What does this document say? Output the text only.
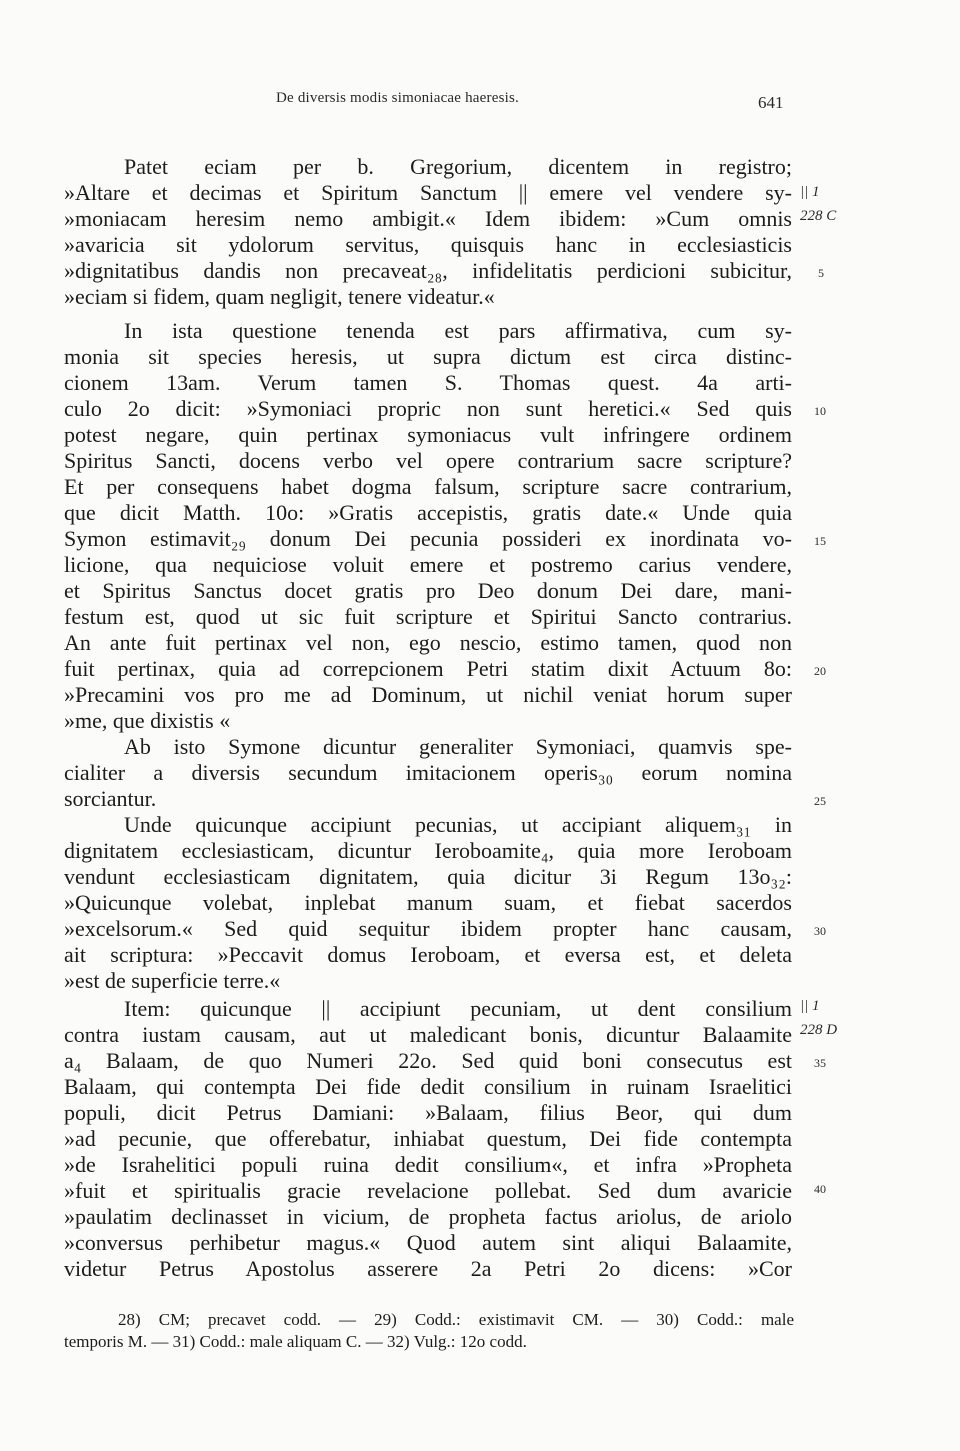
De diversis modis simoniacae haeresis.	641
Patet eciam per b. Gregorium, dicentem in registro;
»Altare et decimas et Spiritum Sanctum || emere vel vendere sy-
»moniacam heresim nemo ambigit.« Idem ibidem: »Cum omnis
»avaricia sit ydolorum servitus, quisquis hanc in ecclesiasticis
»dignitatibus dandis non precaveat₂₈, infidelitatis perdicioni subicitur,
»eciam si fidem, quam negligit, tenere videatur.«
In ista questione tenenda est pars affirmativa, cum sy-
monia sit species heresis, ut supra dictum est circa distinc-
cionem 13am. Verum tamen S. Thomas quest. 4a arti-
culo 2o dicit: »Symoniaci propric non sunt heretici.« Sed quis
potest negare, quin pertinax symoniacus vult infringere ordinem
Spiritus Sancti, docens verbo vel opere contrarium sacre scripture?
Et per consequens habet dogma falsum, scripture sacre contrarium,
que dicit Matth. 10o: »Gratis accepistis, gratis date.« Unde quia
Symon estimavit₂₉ donum Dei pecunia possideri ex inordinata vo-
licione, qua nequiciose voluit emere et postremo carius vendere,
et Spiritus Sanctus docet gratis pro Deo donum Dei dare, mani-
festum est, quod ut sic fuit scripture et Spiritui Sancto contrarius.
An ante fuit pertinax vel non, ego nescio, estimo tamen, quod non
fuit pertinax, quia ad correpcionem Petri statim dixit Actuum 8o:
»Precamini vos pro me ad Dominum, ut nichil veniat horum super
»me, que dixistis «
Ab isto Symone dicuntur generaliter Symoniaci, quamvis spe-
cialiter a diversis secundum imitacionem operis₃₀ eorum nomina
sorciantur.
Unde quicunque accipiunt pecunias, ut accipiant aliquem₃₁ in
dignitatem ecclesiasticam, dicuntur Ieroboamite₄, quia more Ieroboam
vendunt ecclesiasticam dignitatem, quia dicitur 3i Regum 13o₃₂:
»Quicunque volebat, inplebat manum suam, et fiebat sacerdos
»excelsorum.« Sed quid sequitur ibidem propter hanc causam,
ait scriptura: »Peccavit domus Ieroboam, et eversa est, et deleta
»est de superficie terre.«
Item: quicunque || accipiunt pecuniam, ut dent consilium
contra iustam causam, aut ut maledicant bonis, dicuntur Balaamite
a₄ Balaam, de quo Numeri 22o. Sed quid boni consecutus est
Balaam, qui contempta Dei fide dedit consilium in ruinam Israelitici
populi, dicit Petrus Damiani: »Balaam, filius Beor, qui dum
»ad pecunie, que offerebatur, inhiabat questum, Dei fide contempta
»de Israhelitici populi ruina dedit consilium«, et infra »Propheta
»fuit et spiritualis gracie revelacione pollebat. Sed dum avaricie
»paulatim declinasset in vicium, de propheta factus ariolus, de ariolo
»conversus perhibetur magus.« Quod autem sint aliqui Balaamite,
videtur Petrus Apostolus asserere 2a Petri 2o dicens: »Cor
|| 1
228 C
5
10
15
20
25
30
|| 1
228 D
35
40
28) CM; precavet codd. — 29) Codd.: existimavit CM. — 30) Codd.: male
temporis M. — 31) Codd.: male aliquam C. — 32) Vulg.: 12o codd.
